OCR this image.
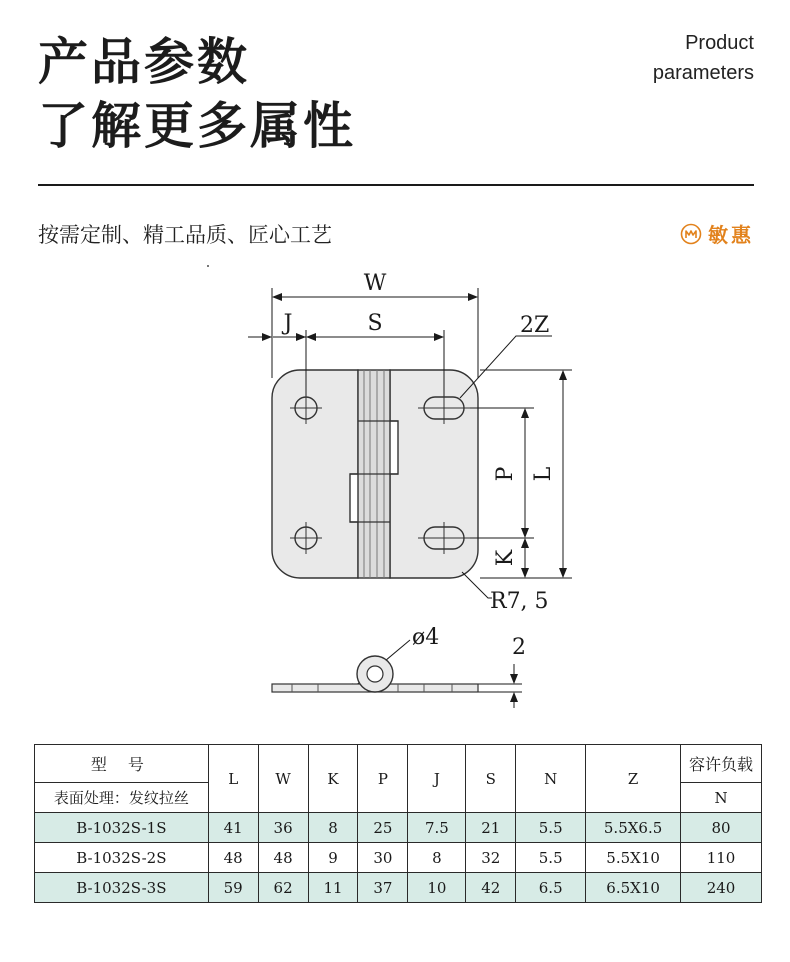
产品参数
了解更多属性
Product
parameters
按需定制、精工品质、匠心工艺	敏惠
W
J	S	2Z
P L
K
R7, 5
ø4	2
型 号	L	W	K	P	J	S	N	Z	容许负载
表面处理：发纹拉丝									N
B-1032S-1S	41	36	8	25	7.5	21	5.5	5.5X6.5	80
B-1032S-2S	48	48	9	30	8	32	5.5	5.5X10	110
B-1032S-3S	59	62	11	37	10	42	6.5	6.5X10	240
